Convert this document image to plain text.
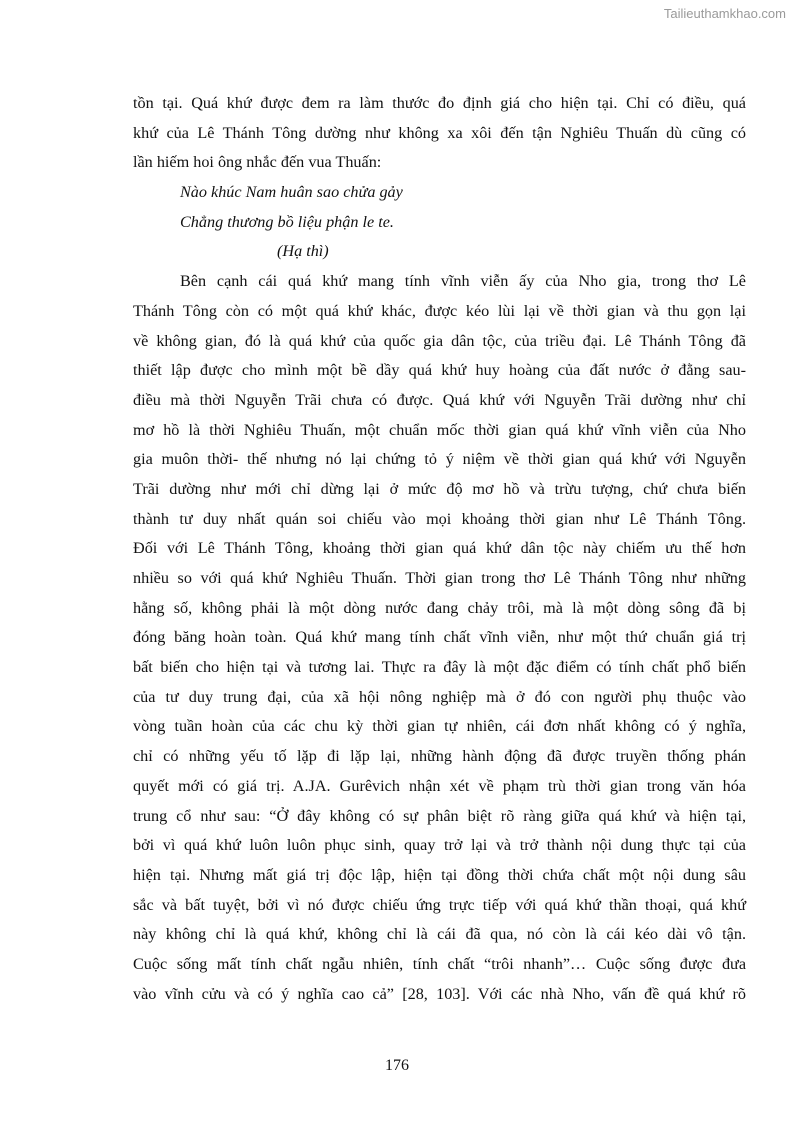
Tailieuthamkhao.com
tồn tại. Quá khứ được đem ra làm thước đo định giá cho hiện tại. Chỉ có điều, quá
khứ của Lê Thánh Tông dường như không xa xôi đến tận Nghiêu Thuấn dù cũng có
lần hiếm hoi ông nhắc đến vua Thuấn:
Nào khúc Nam huân sao chửa gảy
Chẳng thương bồ liệu phận le te.
(Hạ thì)
Bên cạnh cái quá khứ mang tính vĩnh viễn ấy của Nho gia, trong thơ Lê
Thánh Tông còn có một quá khứ khác, được kéo lùi lại về thời gian và thu gọn lại
về không gian, đó là quá khứ của quốc gia dân tộc, của triều đại. Lê Thánh Tông đã
thiết lập được cho mình một bề dầy quá khứ huy hoàng của đất nước ở đằng sau-
điều mà thời Nguyễn Trãi chưa có được. Quá khứ với Nguyễn Trãi dường như chỉ
mơ hồ là thời Nghiêu Thuấn, một chuẩn mốc thời gian quá khứ vĩnh viễn của Nho
gia muôn thời- thế nhưng nó lại chứng tỏ ý niệm về thời gian quá khứ với Nguyễn
Trãi dường như mới chỉ dừng lại ở mức độ mơ hồ và trừu tượng, chứ chưa biến
thành tư duy nhất quán soi chiếu vào mọi khoảng thời gian như Lê Thánh Tông.
Đối với Lê Thánh Tông, khoảng thời gian quá khứ dân tộc này chiếm ưu thế hơn
nhiều so với quá khứ Nghiêu Thuấn. Thời gian trong thơ Lê Thánh Tông như những
hằng số, không phải là một dòng nước đang chảy trôi, mà là một dòng sông đã bị
đóng băng hoàn toàn. Quá khứ mang tính chất vĩnh viễn, như một thứ chuẩn giá trị
bất biến cho hiện tại và tương lai. Thực ra đây là một đặc điểm có tính chất phổ biến
của tư duy trung đại, của xã hội nông nghiệp mà ở đó con người phụ thuộc vào
vòng tuần hoàn của các chu kỳ thời gian tự nhiên, cái đơn nhất không có ý nghĩa,
chỉ có những yếu tố lặp đi lặp lại, những hành động đã được truyền thống phán
quyết mới có giá trị. A.JA. Gurêvich nhận xét về phạm trù thời gian trong văn hóa
trung cổ như sau: “Ở đây không có sự phân biệt rõ ràng giữa quá khứ và hiện tại,
bởi vì quá khứ luôn luôn phục sinh, quay trở lại và trở thành nội dung thực tại của
hiện tại. Nhưng mất giá trị độc lập, hiện tại đồng thời chứa chất một nội dung sâu
sắc và bất tuyệt, bởi vì nó được chiếu ứng trực tiếp với quá khứ thần thoại, quá khứ
này không chỉ là quá khứ, không chỉ là cái đã qua, nó còn là cái kéo dài vô tận.
Cuộc sống mất tính chất ngẫu nhiên, tính chất “trôi nhanh”… Cuộc sống được đưa
vào vĩnh cửu và có ý nghĩa cao cả” [28, 103]. Với các nhà Nho, vấn đề quá khứ rõ
176
